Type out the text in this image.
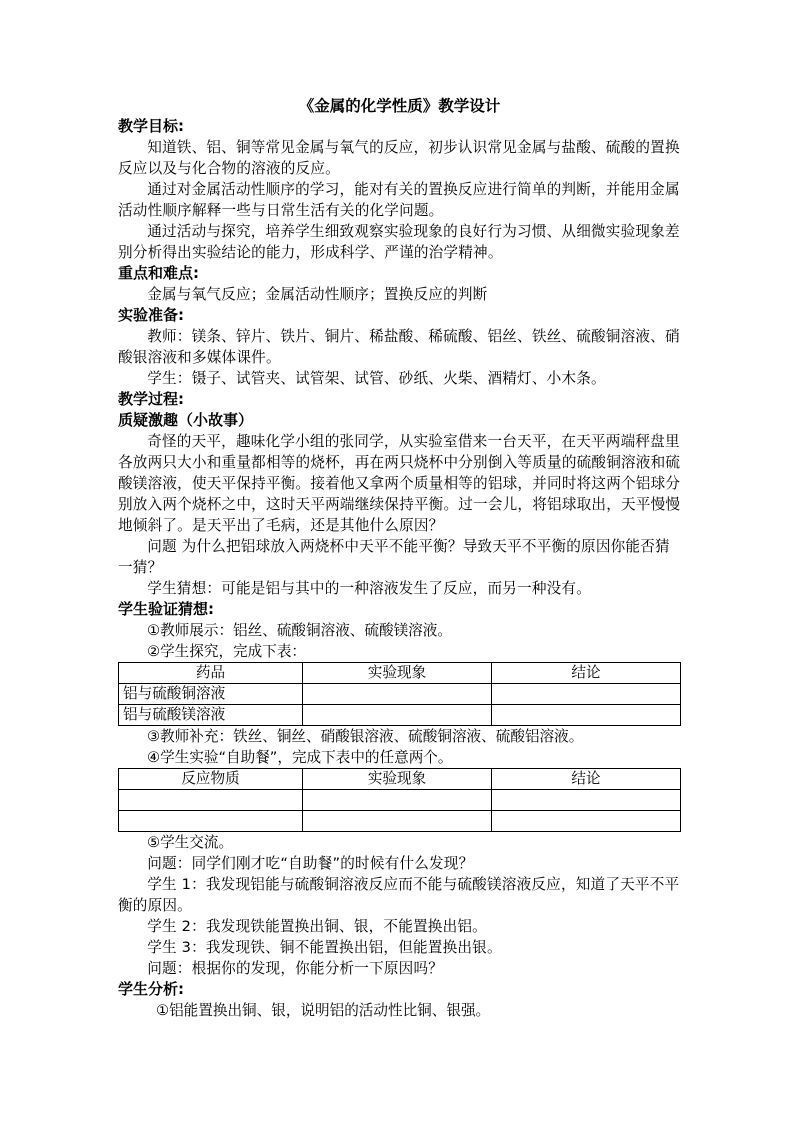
《金属的化学性质》教学设计

教学目标:

知道铁、铝、铜等常见金属与氧气的反应，初步认识常见金属与盐酸、硫酸的置换反应以及与化合物的溶液的反应。

通过对金属活动性顺序的学习，能对有关的置换反应进行简单的判断，并能用金属活动性顺序解释一些与日常生活有关的化学问题。

通过活动与探究，培养学生细致观察实验现象的良好行为习惯、从细微实验现象差别分析得出实验结论的能力，形成科学、严谨的治学精神。

重点和难点:

金属与氧气反应；金属活动性顺序；置换反应的判断

实验准备:

教师：镁条、锌片、铁片、铜片、稀盐酸、稀硫酸、铝丝、铁丝、硫酸铜溶液、硝酸银溶液和多媒体课件。

学生：镊子、试管夹、试管架、试管、砂纸、火柴、酒精灯、小木条。

教学过程:

质疑激趣（小故事）

奇怪的天平，趣味化学小组的张同学，从实验室借来一台天平，在天平两端秤盘里各放两只大小和重量都相等的烧杯，再在两只烧杯中分别倒入等质量的硫酸铜溶液和硫酸镁溶液，使天平保持平衡。接着他又拿两个质量相等的铝球，并同时将这两个铝球分别放入两个烧杯之中，这时天平两端继续保持平衡。过一会儿，将铝球取出，天平慢慢地倾斜了。是天平出了毛病，还是其他什么原因？

问题 为什么把铝球放入两烧杯中天平不能平衡？导致天平不平衡的原因你能否猜一猜？

学生猜想：可能是铝与其中的一种溶液发生了反应，而另一种没有。

学生验证猜想:

①教师展示：铝丝、硫酸铜溶液、硫酸镁溶液。

②学生探究，完成下表：

药品	实验现象	结论
铝与硫酸铜溶液		
铝与硫酸镁溶液		

③教师补充：铁丝、铜丝、硝酸银溶液、硫酸铜溶液、硫酸铝溶液。

④学生实验“自助餐”，完成下表中的任意两个。

反应物质	实验现象	结论

⑤学生交流。

问题：同学们刚才吃“自助餐”的时候有什么发现？

学生 1：我发现铝能与硫酸铜溶液反应而不能与硫酸镁溶液反应，知道了天平不平衡的原因。

学生 2：我发现铁能置换出铜、银，不能置换出铝。

学生 3：我发现铁、铜不能置换出铝，但能置换出银。

问题：根据你的发现，你能分析一下原因吗？

学生分析:

①铝能置换出铜、银，说明铝的活动性比铜、银强。
